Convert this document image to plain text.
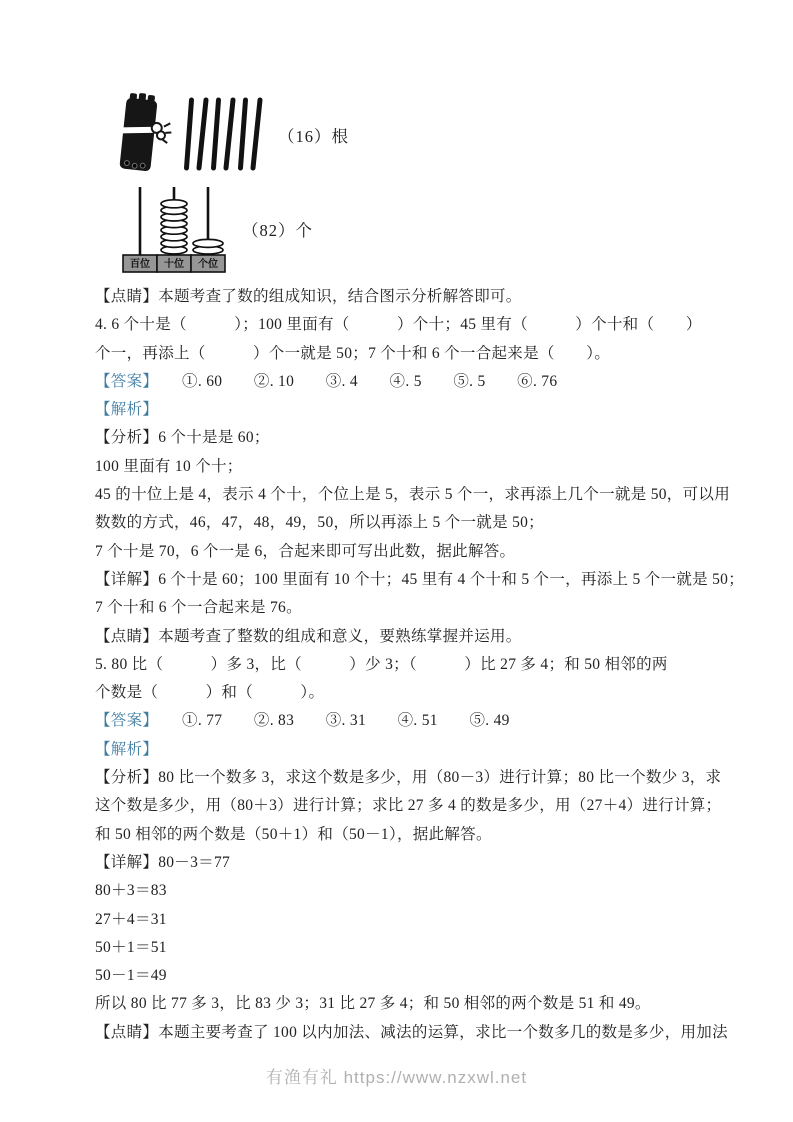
（16）根
百位 十位 个位
（82）个
【点睛】本题考查了数的组成知识，结合图示分析解答即可。
4. 6 个十是（　　　）；100 里面有（　　　）个十；45 里有（　　　）个十和（　　）
个一，再添上（　　　）个一就是 50；7 个十和 6 个一合起来是（　　）。
【答案】　　①. 60　　②. 10　　③. 4　　④. 5　　⑤. 5　　⑥. 76
【解析】
【分析】6 个十是是 60；
100 里面有 10 个十；
45 的十位上是 4，表示 4 个十，个位上是 5，表示 5 个一，求再添上几个一就是 50，可以用
数数的方式，46，47，48，49，50，所以再添上 5 个一就是 50；
7 个十是 70，6 个一是 6，合起来即可写出此数，据此解答。
【详解】6 个十是 60；100 里面有 10 个十；45 里有 4 个十和 5 个一，再添上 5 个一就是 50；
7 个十和 6 个一合起来是 76。
【点睛】本题考查了整数的组成和意义，要熟练掌握并运用。
5. 80 比（　　　）多 3，比（　　　）少 3；（　　　）比 27 多 4；和 50 相邻的两
个数是（　　　）和（　　　）。
【答案】　　①. 77　　②. 83　　③. 31　　④. 51　　⑤. 49
【解析】
【分析】80 比一个数多 3，求这个数是多少，用（80－3）进行计算；80 比一个数少 3，求
这个数是多少，用（80＋3）进行计算；求比 27 多 4 的数是多少，用（27＋4）进行计算；
和 50 相邻的两个数是（50＋1）和（50－1），据此解答。
【详解】80－3＝77
80＋3＝83
27＋4＝31
50＋1＝51
50－1＝49
所以 80 比 77 多 3，比 83 少 3；31 比 27 多 4；和 50 相邻的两个数是 51 和 49。
【点睛】本题主要考查了 100 以内加法、减法的运算，求比一个数多几的数是多少，用加法
有渔有礼 https://www.nzxwl.net
